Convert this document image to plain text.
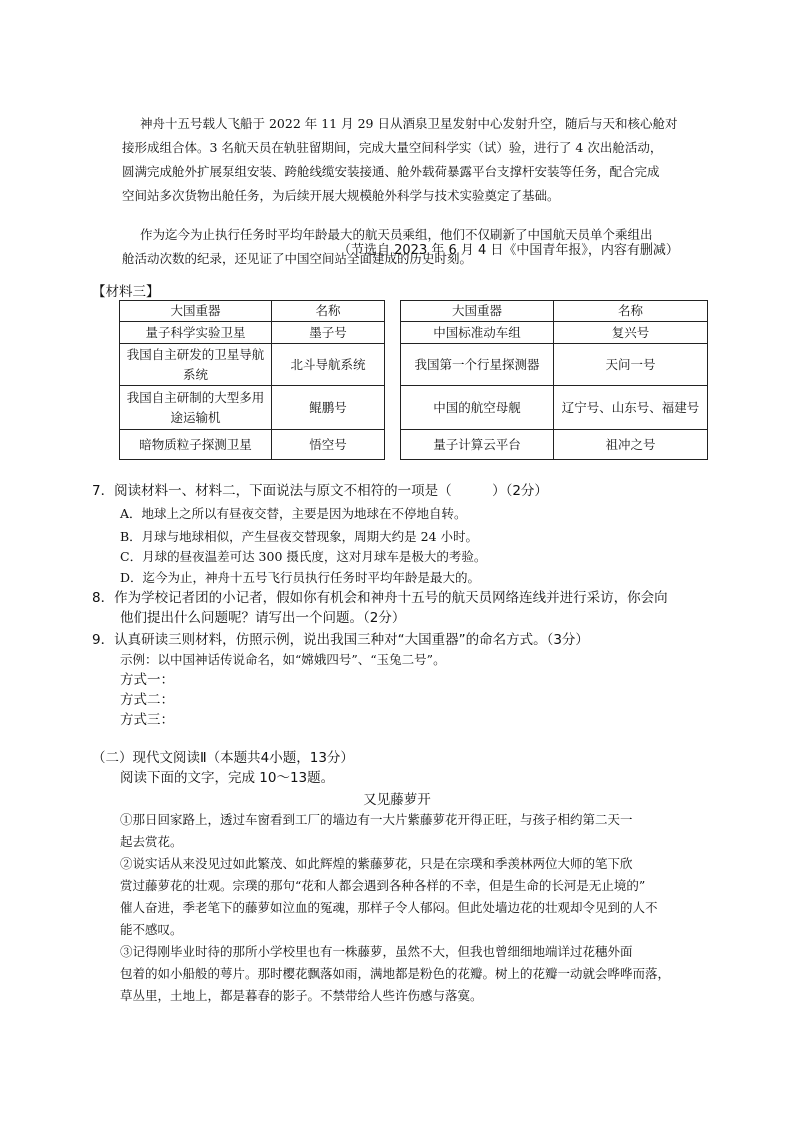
神舟十五号载人飞船于 2022 年 11 月 29 日从酒泉卫星发射中心发射升空，随后与天和核心舱对
接形成组合体。3 名航天员在轨驻留期间，完成大量空间科学实（试）验，进行了 4 次出舱活动，
圆满完成舱外扩展泵组安装、跨舱线缆安装接通、舱外载荷暴露平台支撑杆安装等任务，配合完成
空间站多次货物出舱任务，为后续开展大规模舱外科学与技术实验奠定了基础。
作为迄今为止执行任务时平均年龄最大的航天员乘组，他们不仅刷新了中国航天员单个乘组出
舱活动次数的纪录，还见证了中国空间站全面建成的历史时刻。
（节选自 2023 年 6 月 4 日《中国青年报》，内容有删减）
【材料三】
大国重器	名称		大国重器	名称
量子科学实验卫星	墨子号		中国标准动车组	复兴号
我国自主研发的卫星导航系统	北斗导航系统		我国第一个行星探测器	天问一号
我国自主研制的大型多用途运输机	鲲鹏号		中国的航空母舰	辽宁号、山东号、福建号
暗物质粒子探测卫星	悟空号		量子计算云平台	祖冲之号
7．阅读材料一、材料二，下面说法与原文不相符的一项是（　　　）（2分）
A．地球上之所以有昼夜交替，主要是因为地球在不停地自转。
B．月球与地球相似，产生昼夜交替现象，周期大约是 24 小时。
C．月球的昼夜温差可达 300 摄氏度，这对月球车是极大的考验。
D．迄今为止，神舟十五号飞行员执行任务时平均年龄是最大的。
8．作为学校记者团的小记者，假如你有机会和神舟十五号的航天员网络连线并进行采访，你会向
他们提出什么问题呢？请写出一个问题。（2分）
9．认真研读三则材料，仿照示例，说出我国三种对“大国重器”的命名方式。（3分）
示例：以中国神话传说命名，如“嫦娥四号”、“玉兔二号”。
方式一：
方式二：
方式三：
（二）现代文阅读Ⅱ（本题共4小题，13分）
阅读下面的文字，完成 10～13题。
又见藤萝开
①那日回家路上，透过车窗看到工厂的墙边有一大片紫藤萝花开得正旺，与孩子相约第二天一
起去赏花。
②说实话从来没见过如此繁茂、如此辉煌的紫藤萝花，只是在宗璞和季羡林两位大师的笔下欣
赏过藤萝花的壮观。宗璞的那句“花和人都会遇到各种各样的不幸，但是生命的长河是无止境的”
催人奋进，季老笔下的藤萝如泣血的冤魂，那样子令人郁闷。但此处墙边花的壮观却令见到的人不
能不感叹。
③记得刚毕业时待的那所小学校里也有一株藤萝，虽然不大，但我也曾细细地端详过花穗外面
包着的如小船般的萼片。那时樱花飘落如雨，满地都是粉色的花瓣。树上的花瓣一动就会哗哗而落，
草丛里，土地上，都是暮春的影子。不禁带给人些许伤感与落寞。
